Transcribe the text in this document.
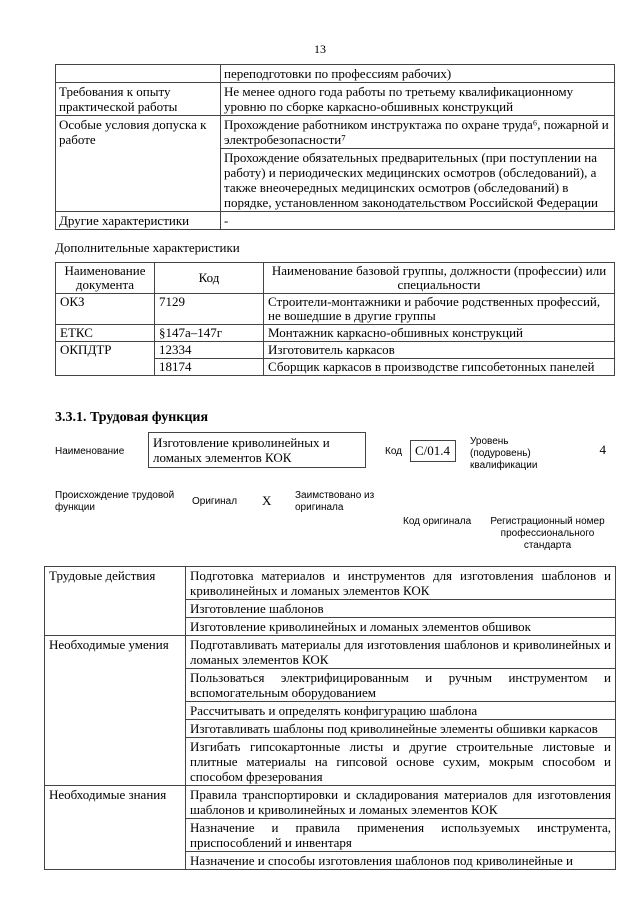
13
	переподготовки по профессиям рабочих)
Требования к опыту практической работы	Не менее одного года работы по третьему квалификационному уровню по сборке каркасно-обшивных конструкций
Особые условия допуска к работе	Прохождение работником инструктажа по охране труда⁶, пожарной и электробезопасности⁷
	Прохождение обязательных предварительных (при поступлении на работу) и периодических медицинских осмотров (обследований), а также внеочередных медицинских осмотров (обследований) в порядке, установленном законодательством Российской Федерации
Другие характеристики	-
Дополнительные характеристики
Наименование документа	Код	Наименование базовой группы, должности (профессии) или специальности
ОКЗ	7129	Строители-монтажники и рабочие родственных профессий, не вошедшие в другие группы
ЕТКС	§147а–147г	Монтажник каркасно-обшивных конструкций
ОКПДТР	12334	Изготовитель каркасов
	18174	Сборщик каркасов в производстве гипсобетонных панелей
3.3.1. Трудовая функция
Наименование
Изготовление криволинейных и ломаных элементов КОК	Код С/01.4
Уровень (подуровень) квалификации
4
Происхождение трудовой функции
Оригинал X Заимствовано из оригинала
Код оригинала	Регистрационный номер профессионального стандарта
Трудовые действия	Подготовка материалов и инструментов для изготовления шаблонов и криволинейных и ломаных элементов КОК
	Изготовление шаблонов
	Изготовление криволинейных и ломаных элементов обшивок
Необходимые умения	Подготавливать материалы для изготовления шаблонов и криволинейных и ломаных элементов КОК
	Пользоваться электрифицированным и ручным инструментом и вспомогательным оборудованием
	Рассчитывать и определять конфигурацию шаблона
	Изготавливать шаблоны под криволинейные элементы обшивки каркасов
	Изгибать гипсокартонные листы и другие строительные листовые и плитные материалы на гипсовой основе сухим, мокрым способом и способом фрезерования
Необходимые знания	Правила транспортировки и складирования материалов для изготовления шаблонов и криволинейных и ломаных элементов КОК
	Назначение и правила применения используемых инструмента, приспособлений и инвентаря
	Назначение и способы изготовления шаблонов под криволинейные и
